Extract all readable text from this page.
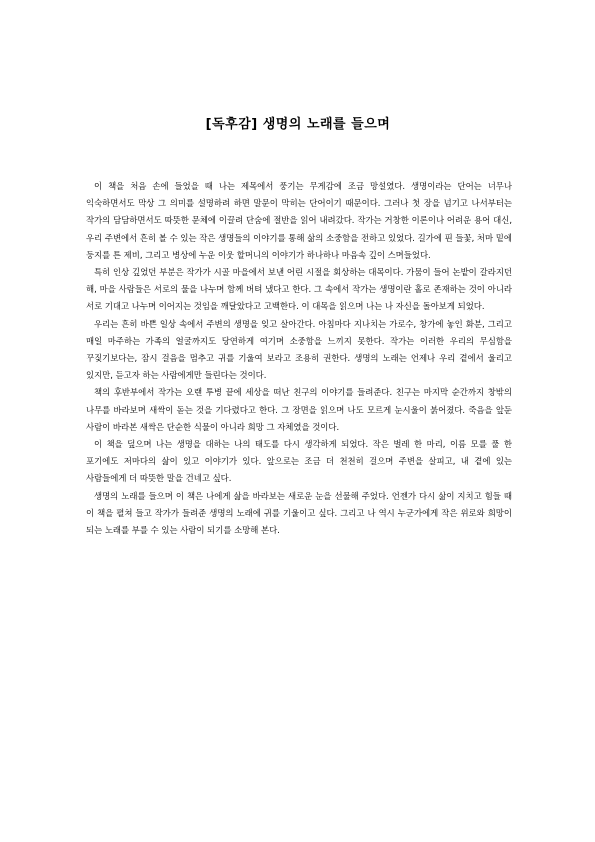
[독후감] 생명의 노래를 들으며

이 책을 처음 손에 들었을 때 나는 제목에서 풍기는 무게감에 조금 망설였다. 생명이라는 단어는 너무나 익숙하면서도 막상 그 의미를 설명하려 하면 말문이 막히는 단어이기 때문이다. 그러나 첫 장을 넘기고 나서부터는 작가의 담담하면서도 따뜻한 문체에 이끌려 단숨에 절반을 읽어 내려갔다. 작가는 거창한 이론이나 어려운 용어 대신, 우리 주변에서 흔히 볼 수 있는 작은 생명들의 이야기를 통해 삶의 소중함을 전하고 있었다. 길가에 핀 들꽃, 처마 밑에 둥지를 튼 제비, 그리고 병상에 누운 이웃 할머니의 이야기가 하나하나 마음속 깊이 스며들었다.

특히 인상 깊었던 부분은 작가가 시골 마을에서 보낸 어린 시절을 회상하는 대목이다. 가뭄이 들어 논밭이 갈라지던 해, 마을 사람들은 서로의 물을 나누며 함께 버텨 냈다고 한다. 그 속에서 작가는 생명이란 홀로 존재하는 것이 아니라 서로 기대고 나누며 이어지는 것임을 깨달았다고 고백한다. 이 대목을 읽으며 나는 나 자신을 돌아보게 되었다.

우리는 흔히 바쁜 일상 속에서 주변의 생명을 잊고 살아간다. 아침마다 지나치는 가로수, 창가에 놓인 화분, 그리고 매일 마주하는 가족의 얼굴까지도 당연하게 여기며 소중함을 느끼지 못한다. 작가는 이러한 우리의 무심함을 꾸짖기보다는, 잠시 걸음을 멈추고 귀를 기울여 보라고 조용히 권한다. 생명의 노래는 언제나 우리 곁에서 울리고 있지만, 듣고자 하는 사람에게만 들린다는 것이다.

책의 후반부에서 작가는 오랜 투병 끝에 세상을 떠난 친구의 이야기를 들려준다. 친구는 마지막 순간까지 창밖의 나무를 바라보며 새싹이 돋는 것을 기다렸다고 한다. 그 장면을 읽으며 나도 모르게 눈시울이 붉어졌다. 죽음을 앞둔 사람이 바라본 새싹은 단순한 식물이 아니라 희망 그 자체였을 것이다.

이 책을 덮으며 나는 생명을 대하는 나의 태도를 다시 생각하게 되었다. 작은 벌레 한 마리, 이름 모를 풀 한 포기에도 저마다의 삶이 있고 이야기가 있다. 앞으로는 조금 더 천천히 걸으며 주변을 살피고, 내 곁에 있는 사람들에게 더 따뜻한 말을 건네고 싶다.

생명의 노래를 들으며 이 책은 나에게 삶을 바라보는 새로운 눈을 선물해 주었다. 언젠가 다시 삶이 지치고 힘들 때 이 책을 펼쳐 들고 작가가 들려준 생명의 노래에 귀를 기울이고 싶다. 그리고 나 역시 누군가에게 작은 위로와 희망이 되는 노래를 부를 수 있는 사람이 되기를 소망해 본다.
